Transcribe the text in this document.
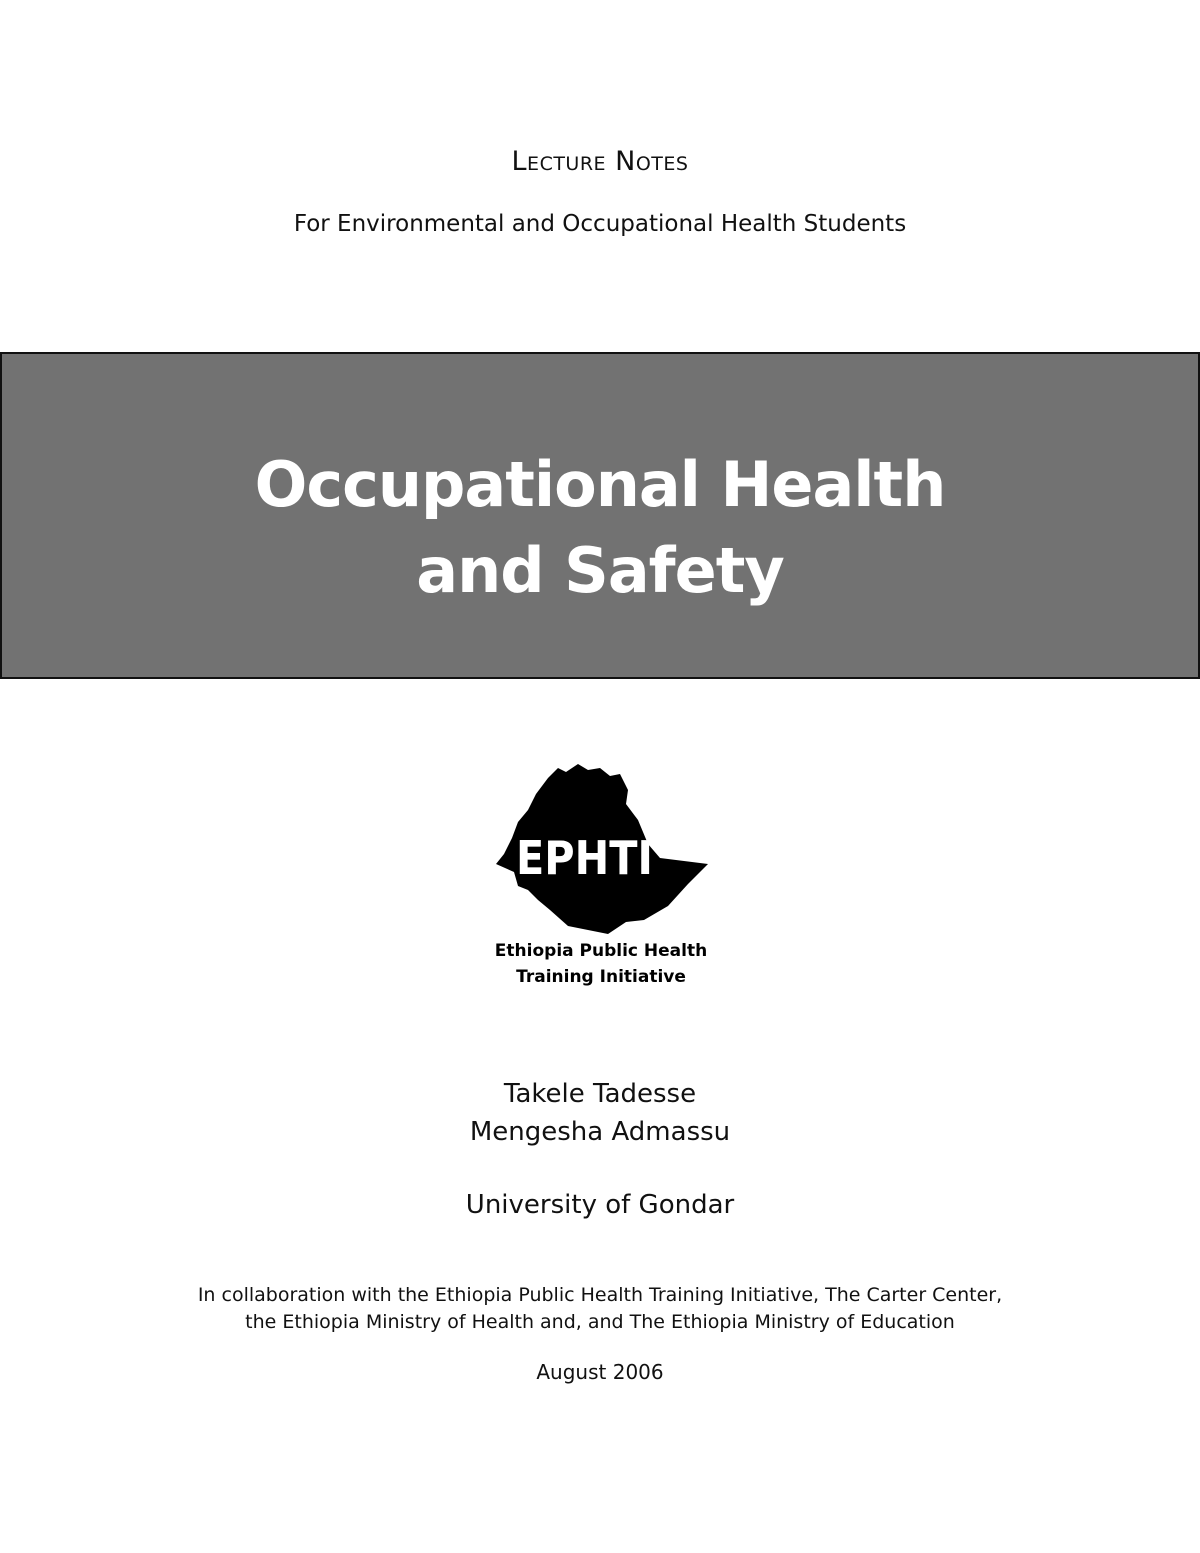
Lecture Notes
For Environmental and Occupational Health Students
Occupational Health
and Safety
EPHTI
Ethiopia Public Health
Training Initiative
Takele Tadesse
Mengesha Admassu
University of Gondar
In collaboration with the Ethiopia Public Health Training Initiative, The Carter Center,
the Ethiopia Ministry of Health and, and The Ethiopia Ministry of Education
August 2006
